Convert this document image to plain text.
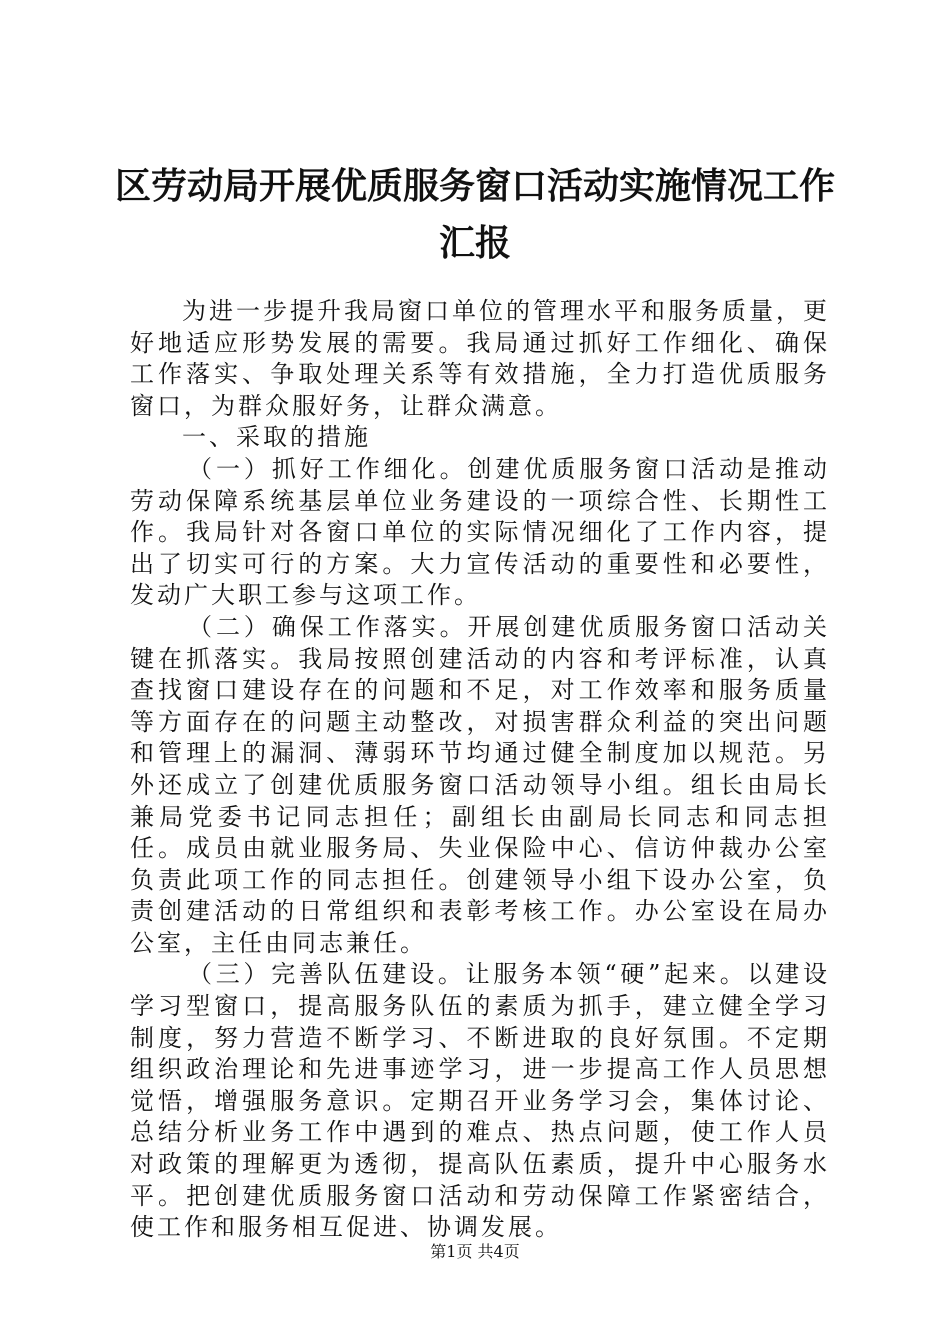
区劳动局开展优质服务窗口活动实施情况工作
汇报

为进一步提升我局窗口单位的管理水平和服务质量，更好地适应形势发展的需要。我局通过抓好工作细化、确保工作落实、争取处理关系等有效措施，全力打造优质服务窗口，为群众服好务，让群众满意。

一、采取的措施

（一）抓好工作细化。创建优质服务窗口活动是推动劳动保障系统基层单位业务建设的一项综合性、长期性工作。我局针对各窗口单位的实际情况细化了工作内容，提出了切实可行的方案。大力宣传活动的重要性和必要性，发动广大职工参与这项工作。

（二）确保工作落实。开展创建优质服务窗口活动关键在抓落实。我局按照创建活动的内容和考评标准，认真查找窗口建设存在的问题和不足，对工作效率和服务质量等方面存在的问题主动整改，对损害群众利益的突出问题和管理上的漏洞、薄弱环节均通过健全制度加以规范。另外还成立了创建优质服务窗口活动领导小组。组长由局长兼局党委书记同志担任；副组长由副局长同志和同志担任。成员由就业服务局、失业保险中心、信访仲裁办公室负责此项工作的同志担任。创建领导小组下设办公室，负责创建活动的日常组织和表彰考核工作。办公室设在局办公室，主任由同志兼任。

（三）完善队伍建设。让服务本领“硬”起来。以建设学习型窗口，提高服务队伍的素质为抓手，建立健全学习制度，努力营造不断学习、不断进取的良好氛围。不定期组织政治理论和先进事迹学习，进一步提高工作人员思想觉悟，增强服务意识。定期召开业务学习会，集体讨论、总结分析业务工作中遇到的难点、热点问题，使工作人员对政策的理解更为透彻，提高队伍素质，提升中心服务水平。把创建优质服务窗口活动和劳动保障工作紧密结合，使工作和服务相互促进、协调发展。

第1页 共4页
